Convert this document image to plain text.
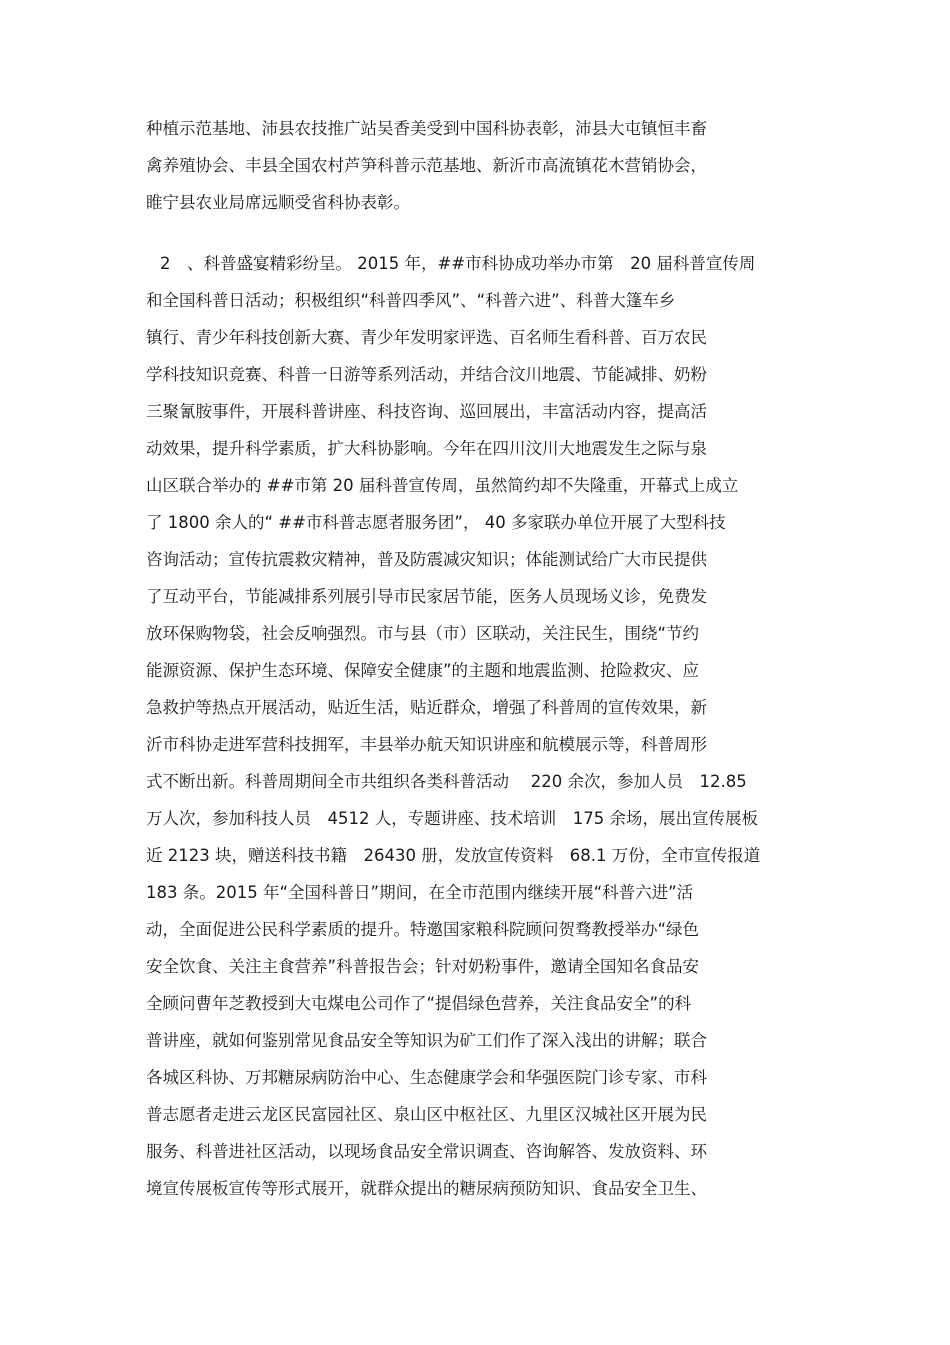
种植示范基地、沛县农技推广站吴香美受到中国科协表彰，沛县大屯镇恒丰畜
禽养殖协会、丰县全国农村芦笋科普示范基地、新沂市高流镇花木营销协会，
睢宁县农业局席远顺受省科协表彰。
2　、科普盛宴精彩纷呈。 2015 年，##市科协成功举办市第　20 届科普宣传周
和全国科普日活动；积极组织“科普四季风”、“科普六进”、科普大篷车乡
镇行、青少年科技创新大赛、青少年发明家评选、百名师生看科普、百万农民
学科技知识竞赛、科普一日游等系列活动，并结合汶川地震、节能减排、奶粉
三聚氰胺事件，开展科普讲座、科技咨询、巡回展出，丰富活动内容，提高活
动效果，提升科学素质，扩大科协影响。今年在四川汶川大地震发生之际与泉
山区联合举办的 ##市第 20 届科普宣传周，虽然简约却不失隆重，开幕式上成立
了 1800 余人的“ ##市科普志愿者服务团”， 40 多家联办单位开展了大型科技
咨询活动；宣传抗震救灾精神，普及防震减灾知识；体能测试给广大市民提供
了互动平台，节能减排系列展引导市民家居节能，医务人员现场义诊，免费发
放环保购物袋，社会反响强烈。市与县（市）区联动，关注民生，围绕“节约
能源资源、保护生态环境、保障安全健康”的主题和地震监测、抢险救灾、应
急救护等热点开展活动，贴近生活，贴近群众，增强了科普周的宣传效果，新
沂市科协走进军营科技拥军，丰县举办航天知识讲座和航模展示等，科普周形
式不断出新。科普周期间全市共组织各类科普活动　 220 余次，参加人员　12.85
万人次，参加科技人员　4512 人，专题讲座、技术培训　175 余场，展出宣传展板
近 2123 块，赠送科技书籍　26430 册，发放宣传资料　68.1 万份，全市宣传报道
183 条。2015 年“全国科普日”期间，在全市范围内继续开展“科普六进”活
动，全面促进公民科学素质的提升。特邀国家粮科院顾问贺骛教授举办“绿色
安全饮食、关注主食营养”科普报告会；针对奶粉事件，邀请全国知名食品安
全顾问曹年芝教授到大屯煤电公司作了“提倡绿色营养，关注食品安全”的科
普讲座，就如何鉴别常见食品安全等知识为矿工们作了深入浅出的讲解；联合
各城区科协、万邦糖尿病防治中心、生态健康学会和华强医院门诊专家、市科
普志愿者走进云龙区民富园社区、泉山区中枢社区、九里区汉城社区开展为民
服务、科普进社区活动，以现场食品安全常识调查、咨询解答、发放资料、环
境宣传展板宣传等形式展开，就群众提出的糖尿病预防知识、食品安全卫生、
